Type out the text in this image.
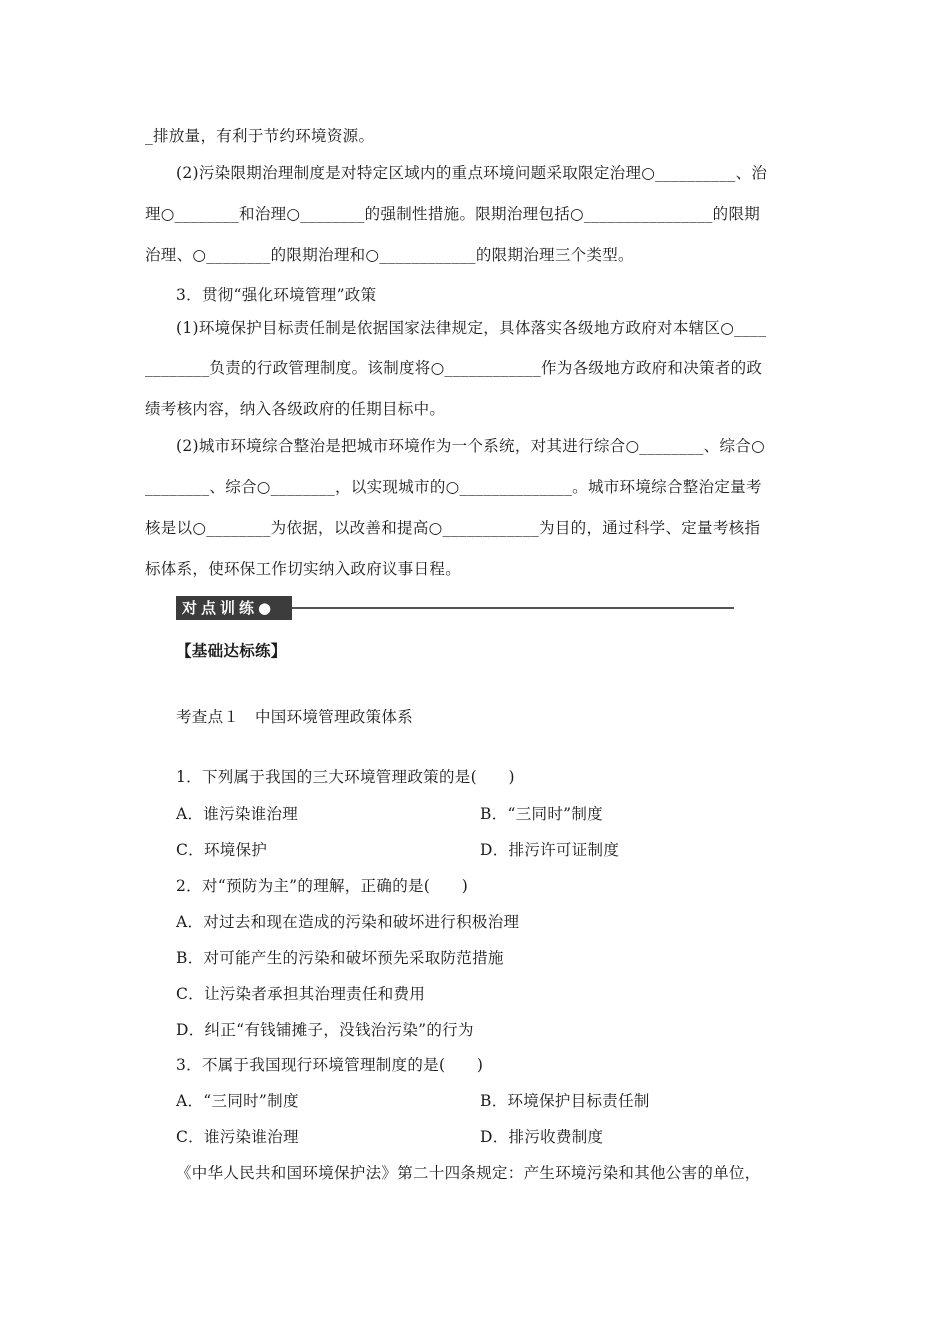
_排放量，有利于节约环境资源。
(2)污染限期治理制度是对特定区域内的重点环境问题采取限定治理○__________、治
理○________和治理○________的强制性措施。限期治理包括○________________的限期
治理、○________的限期治理和○____________的限期治理三个类型。
3．贯彻“强化环境管理”政策
(1)环境保护目标责任制是依据国家法律规定，具体落实各级地方政府对本辖区○____
________负责的行政管理制度。该制度将○____________作为各级地方政府和决策者的政
绩考核内容，纳入各级政府的任期目标中。
(2)城市环境综合整治是把城市环境作为一个系统，对其进行综合○________、综合○
________、综合○________，以实现城市的○______________。城市环境综合整治定量考
核是以○________为依据，以改善和提高○____________为目的，通过科学、定量考核指
标体系，使环保工作切实纳入政府议事日程。
对点训练●
【基础达标练】
考查点１　中国环境管理政策体系
1．下列属于我国的三大环境管理政策的是(　　)
A．谁污染谁治理	B．“三同时”制度
C．环境保护	D．排污许可证制度
2．对“预防为主”的理解，正确的是(　　)
A．对过去和现在造成的污染和破坏进行积极治理
B．对可能产生的污染和破坏预先采取防范措施
C．让污染者承担其治理责任和费用
D．纠正“有钱铺摊子，没钱治污染”的行为
3．不属于我国现行环境管理制度的是(　　)
A．“三同时”制度	B．环境保护目标责任制
C．谁污染谁治理	D．排污收费制度
《中华人民共和国环境保护法》第二十四条规定：产生环境污染和其他公害的单位，
